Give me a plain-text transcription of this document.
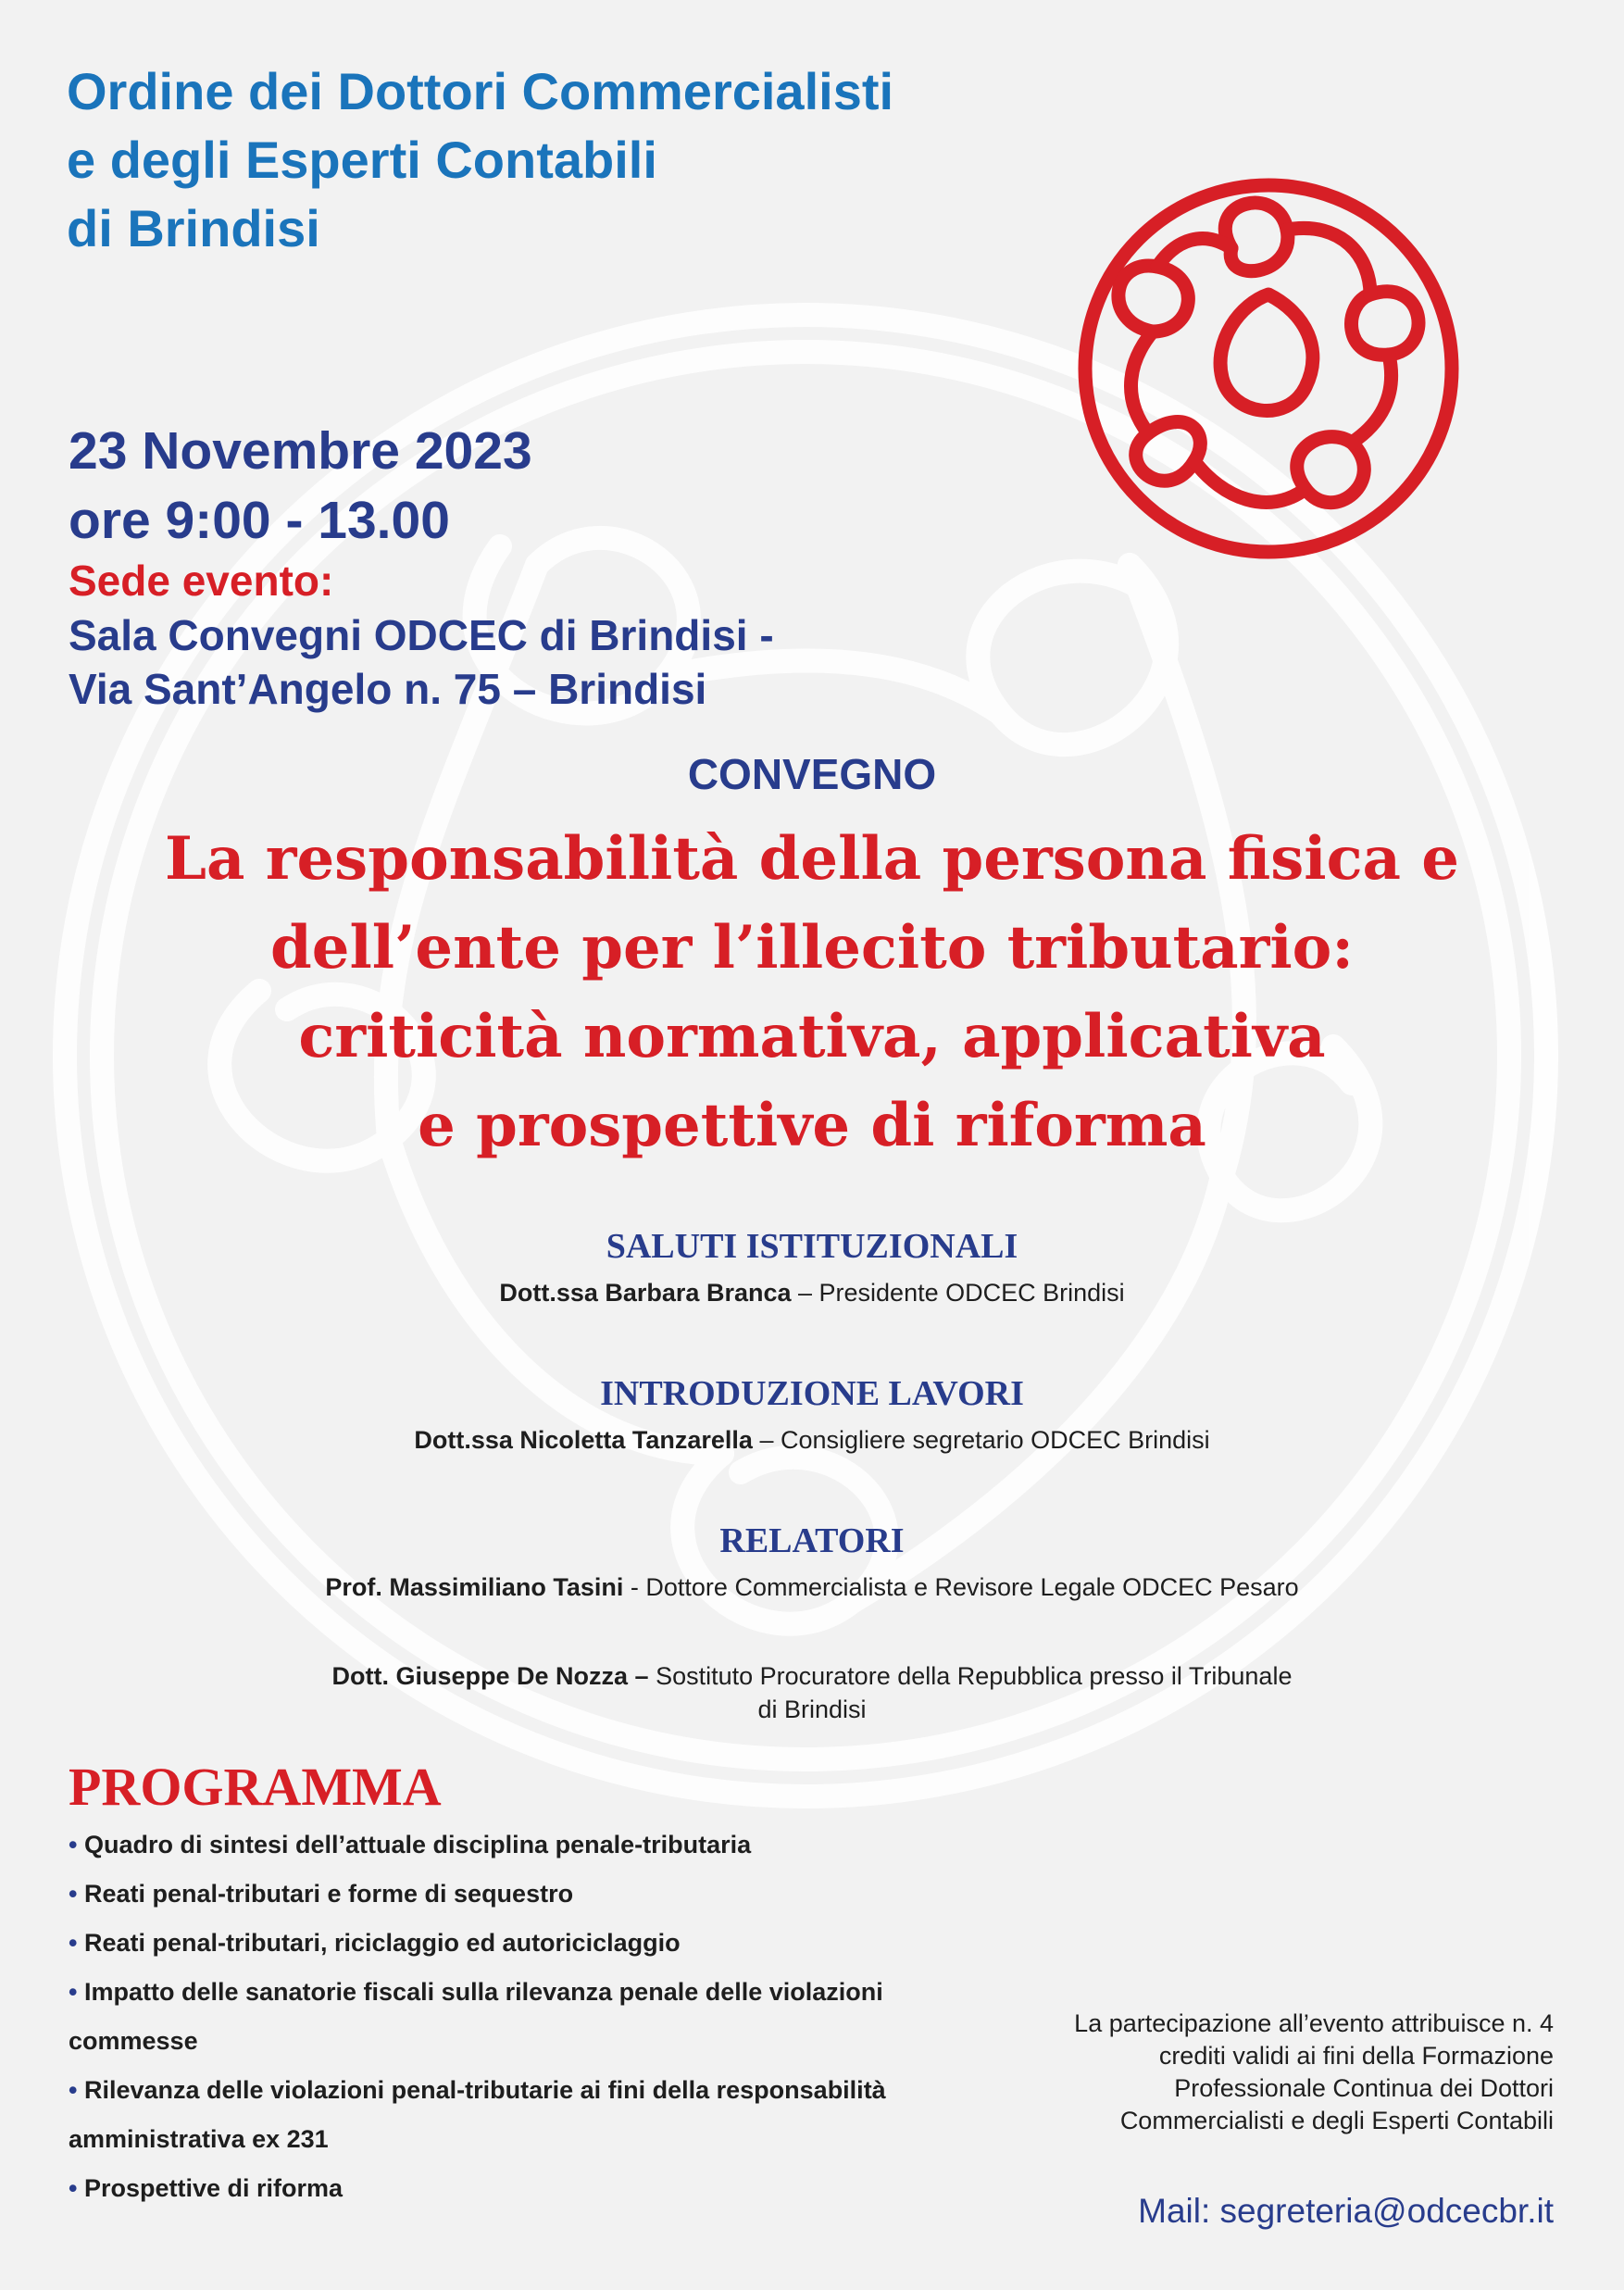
Ordine dei Dottori Commercialisti
e degli Esperti Contabili
di Brindisi
23 Novembre 2023
ore 9:00 - 13.00
Sede evento:
Sala Convegni ODCEC di Brindisi -
Via Sant’Angelo n. 75 – Brindisi
CONVEGNO
La responsabilità della persona fisica e
dell’ente per l’illecito tributario:
criticità normativa, applicativa
e prospettive di riforma
SALUTI ISTITUZIONALI
Dott.ssa Barbara Branca – Presidente ODCEC Brindisi
INTRODUZIONE LAVORI
Dott.ssa Nicoletta Tanzarella – Consigliere segretario ODCEC Brindisi
RELATORI
Prof. Massimiliano Tasini - Dottore Commercialista e Revisore Legale ODCEC Pesaro
Dott. Giuseppe De Nozza – Sostituto Procuratore della Repubblica presso il Tribunale
di Brindisi
PROGRAMMA
• Quadro di sintesi dell’attuale disciplina penale-tributaria
• Reati penal-tributari e forme di sequestro
• Reati penal-tributari, riciclaggio ed autoriciclaggio
• Impatto delle sanatorie fiscali sulla rilevanza penale delle violazioni
commesse
• Rilevanza delle violazioni penal-tributarie ai fini della responsabilità
amministrativa ex 231
• Prospettive di riforma
La partecipazione all’evento attribuisce n. 4
crediti validi ai fini della Formazione
Professionale Continua dei Dottori
Commercialisti e degli Esperti Contabili
Mail: segreteria@odcecbr.it
